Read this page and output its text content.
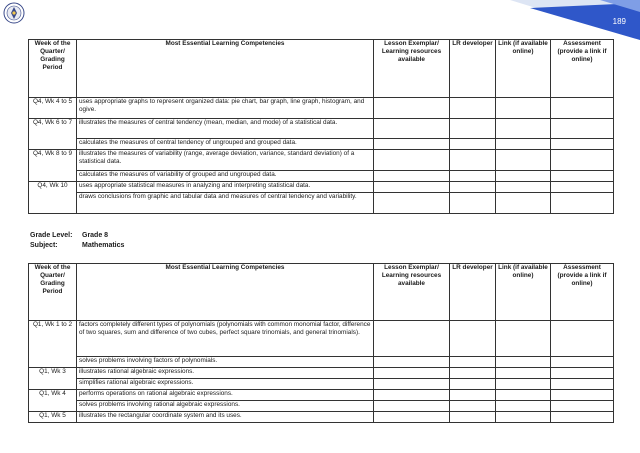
189
Week of the Quarter/ Grading Period	Most Essential Learning Competencies	Lesson Exemplar/ Learning resources available	LR developer	Link (if available online)	Assessment (provide a link if online)
Q4, Wk 4 to 5	uses appropriate graphs to represent organized data: pie chart, bar graph, line graph, histogram, and ogive.				
Q4, Wk 6 to 7	illustrates the measures of central tendency (mean, median, and mode) of a statistical data.				
	calculates the measures of central tendency of ungrouped and grouped data.				
Q4, Wk 8 to 9	illustrates the measures of variability (range, average deviation, variance, standard deviation) of a statistical data.				
	calculates the measures of variability of grouped and ungrouped data.				
Q4, Wk 10	uses appropriate statistical measures in analyzing and interpreting statistical data.				
	draws conclusions from graphic and tabular data and measures of central tendency and variability.				
Grade Level:	Grade 8
Subject:	Mathematics
Week of the Quarter/ Grading Period	Most Essential Learning Competencies	Lesson Exemplar/ Learning resources available	LR developer	Link (if available online)	Assessment (provide a link if online)
Q1, Wk 1 to 2	factors completely different types of polynomials (polynomials with common monomial factor, difference of two squares, sum and difference of two cubes, perfect square trinomials, and general trinomials).				
	solves problems involving factors of polynomials.				
Q1, Wk 3	illustrates rational algebraic expressions.				
	simplifies rational algebraic expressions.				
Q1, Wk 4	performs operations on rational algebraic expressions.				
	solves problems involving rational algebraic expressions.				
Q1, Wk 5	illustrates the rectangular coordinate system and its uses.				
